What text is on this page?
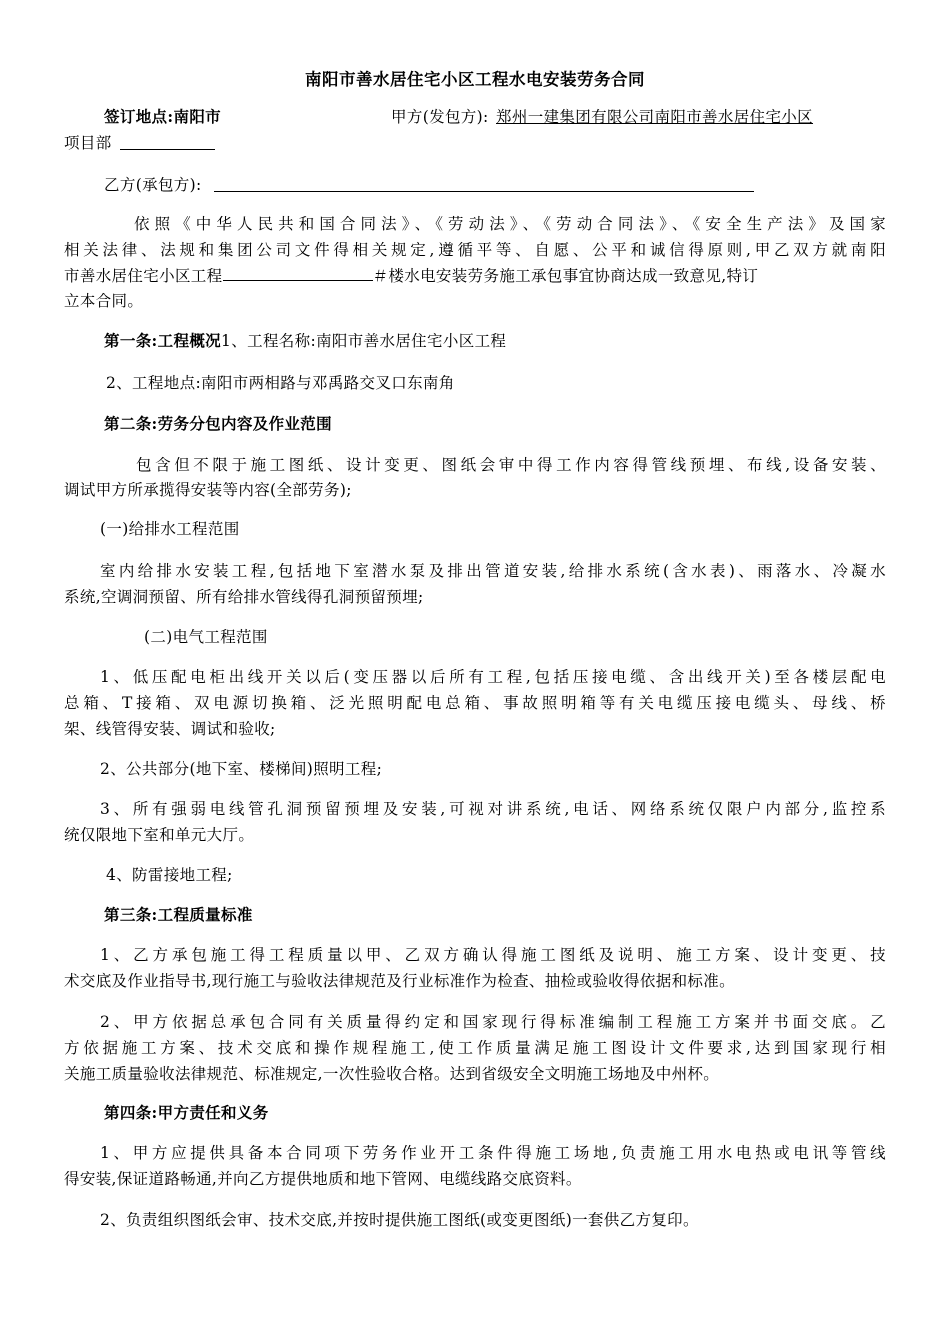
南阳市善水居住宅小区工程水电安装劳务合同
签订地点:南阳市	甲方(发包方): 郑州一建集团有限公司南阳市善水居住宅小区
项目部
乙方(承包方):
依照《中华人民共和国合同法》、《劳动法》、《劳动合同法》、《安全生产法》及国家
相关法律、法规和集团公司文件得相关规定,遵循平等、自愿、公平和诚信得原则,甲乙双方就南阳
市善水居住宅小区工程	＃楼水电安装劳务施工承包事宜协商达成一致意见,特订
立本合同。
第一条:工程概况1、工程名称:南阳市善水居住宅小区工程
2、工程地点:南阳市两相路与邓禹路交叉口东南角
第二条:劳务分包内容及作业范围
包含但不限于施工图纸、设计变更、图纸会审中得工作内容得管线预埋、布线,设备安装、
调试甲方所承揽得安装等内容(全部劳务);
(一)给排水工程范围
室内给排水安装工程,包括地下室潜水泵及排出管道安装,给排水系统(含水表)、雨落水、冷凝水
系统,空调洞预留、所有给排水管线得孔洞预留预埋;
(二)电气工程范围
1、低压配电柜出线开关以后(变压器以后所有工程,包括压接电缆、含出线开关)至各楼层配电
总箱、T接箱、双电源切换箱、泛光照明配电总箱、事故照明箱等有关电缆压接电缆头、母线、桥
架、线管得安装、调试和验收;
2、公共部分(地下室、楼梯间)照明工程;
3、所有强弱电线管孔洞预留预埋及安装,可视对讲系统,电话、网络系统仅限户内部分,监控系
统仅限地下室和单元大厅。
4、防雷接地工程;
第三条:工程质量标准
1、乙方承包施工得工程质量以甲、乙双方确认得施工图纸及说明、施工方案、设计变更、技
术交底及作业指导书,现行施工与验收法律规范及行业标准作为检查、抽检或验收得依据和标准。
2、甲方依据总承包合同有关质量得约定和国家现行得标准编制工程施工方案并书面交底。乙
方依据施工方案、技术交底和操作规程施工,使工作质量满足施工图设计文件要求,达到国家现行相
关施工质量验收法律规范、标准规定,一次性验收合格。达到省级安全文明施工场地及中州杯。
第四条:甲方责任和义务
1、甲方应提供具备本合同项下劳务作业开工条件得施工场地,负责施工用水电热或电讯等管线
得安装,保证道路畅通,并向乙方提供地质和地下管网、电缆线路交底资料。
2、负责组织图纸会审、技术交底,并按时提供施工图纸(或变更图纸)一套供乙方复印。
